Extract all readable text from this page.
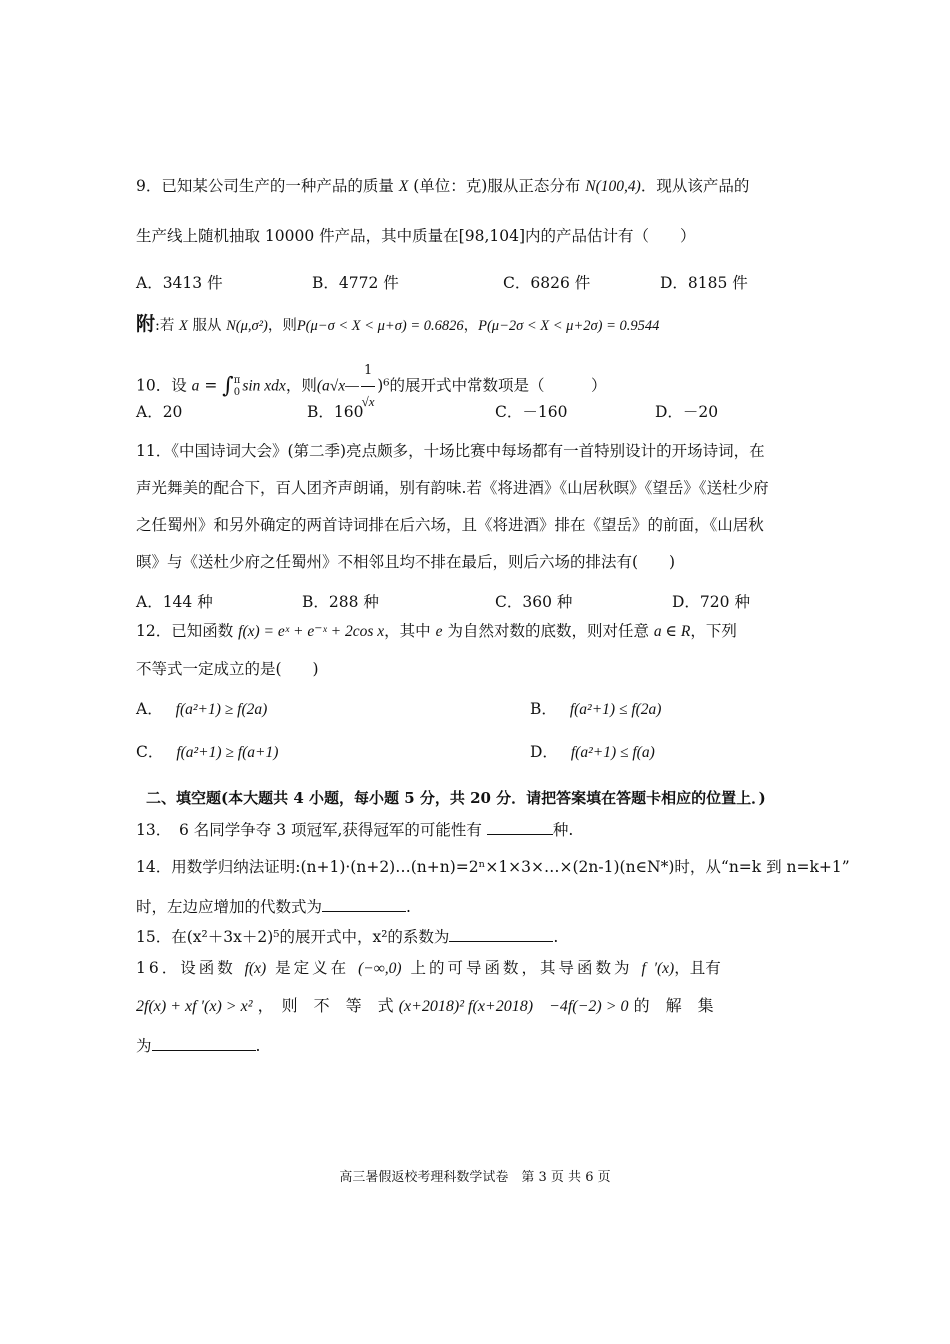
9．已知某公司生产的一种产品的质量 X (单位：克)服从正态分布 N(100,4)．现从该产品的
生产线上随机抽取 10000 件产品，其中质量在[98,104]内的产品估计有（　　）
A．3413 件	B．4772 件	C．6826 件	D．8185 件
附:若 X 服从 N(μ,σ²)，则P(μ−σ < X < μ+σ) = 0.6826，P(μ−2σ < X < μ+2σ) = 0.9544
10．设 a = ∫ π
0 sin xdx，则(a√x— $\frac{1}{√x} )^6$的展开式中常数项是（　　　）
A．20	B．160	C．－160	D．－20
11．《中国诗词大会》(第二季)亮点颇多，十场比赛中每场都有一首特别设计的开场诗词，在
声光舞美的配合下，百人团齐声朗诵，别有韵味.若《将进酒》《山居秋暝》《望岳》《送杜少府
之任蜀州》和另外确定的两首诗词排在后六场，且《将进酒》排在《望岳》的前面，《山居秋
暝》与《送杜少府之任蜀州》不相邻且均不排在最后，则后六场的排法有(　　)
A．144 种	B．288 种	C．360 种	D．720 种
12．已知函数 f(x) = eˣ + e⁻ˣ + 2cos x，其中 e 为自然对数的底数，则对任意 a ∈ R，下列
不等式一定成立的是(　　)
A． f(a²+1) ≥ f(2a)	B． f(a²+1) ≤ f(2a)
C． f(a²+1) ≥ f(a+1)	D． f(a²+1) ≤ f(a)
二、填空题(本大题共 4 小题，每小题 5 分，共 20 分．请把答案填在答题卡相应的位置上．)
13．　6 名同学争夺 3 项冠军,获得冠军的可能性有	种.
14．用数学归纳法证明:(n+1)·(n+2)…(n+n)=2ⁿ×1×3×…×(2n-1)(n∈N*)时，从“n=k 到 n=k+1”
时，左边应增加的代数式为	.
15．在(x²＋3x＋2)⁵的展开式中，x²的系数为	.
16．设函数 f(x) 是定义在 (−∞,0) 上的可导函数，其导函数为 f ′(x)，且有
2f(x) + xf ′(x) > x² ，　则　不　等　式 (x+2018)² f(x+2018)　−4f(−2) > 0 的　解　集
为	.
高三暑假返校考理科数学试卷　第 3 页 共 6 页
